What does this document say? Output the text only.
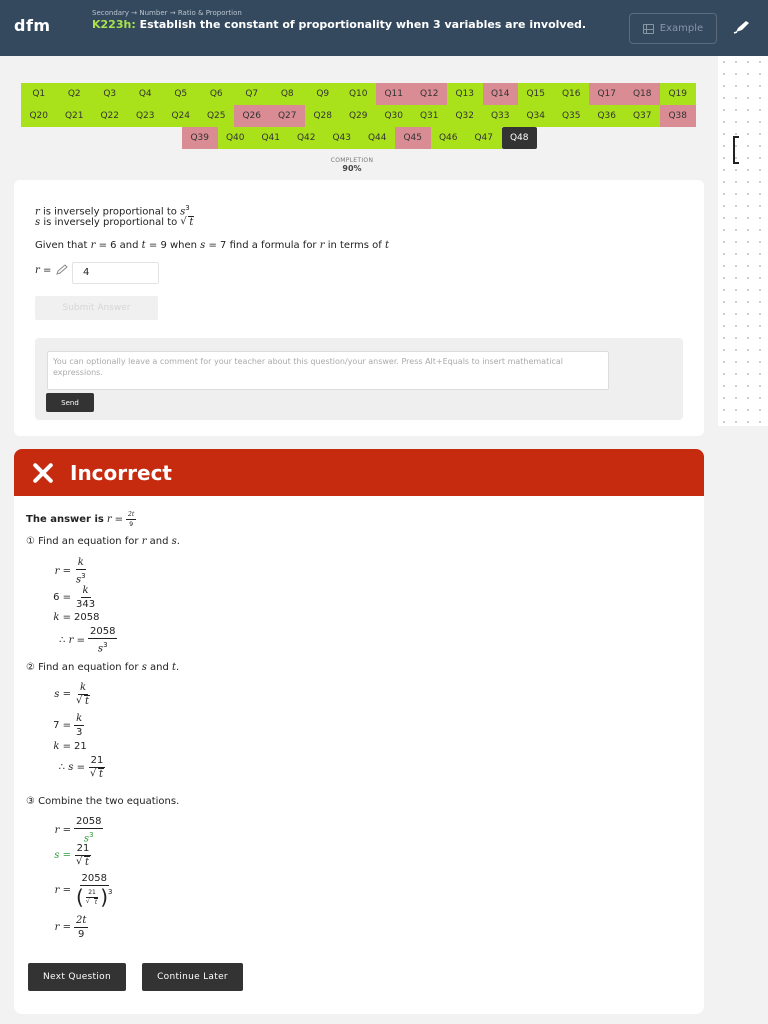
dfm
Secondary → Number → Ratio & Proportion
K223h: Establish the constant of proportionality when 3 variables are involved.	Example
Q1	Q2	Q3	Q4	Q5	Q6	Q7	Q8	Q9	Q10	Q11	Q12	Q13	Q14	Q15	Q16	Q17	Q18	Q19
Q20	Q21	Q22	Q23	Q24	Q25	Q26	Q27	Q28	Q29	Q30	Q31	Q32	Q33	Q34	Q35	Q36	Q37	Q38
Q39	Q40	Q41	Q42	Q43	Q44	Q45	Q46	Q47	Q48
COMPLETION
90%
r is inversely proportional to $s^3$
s is inversely proportional to √ t
Given that r = 6 and t = 9 when s = 7 find a formula for r in terms of t
r =	4
Submit Answer
You can optionally leave a comment for your teacher about this question/your answer. Press Alt+Equals to insert mathematical expressions.
Send
Incorrect
The answer is $r = \frac{2t}{9}$
① Find an equation for r and s.
$r = \frac{k}{s^3}$
$6 = \frac{k}{343}$
k = 2058
∴ $r = \frac{2058}{s^3}$
② Find an equation for s and t.
s = k
√ t
$7 = \frac{k}{3}$
k = 21
∴ s = 21
√ t
③ Combine the two equations.
$r = \frac{2058}{s^3}$
s = 21
√ t
r = 2058
( 21
√ t )$^3$
$r = \frac{2t}{9}$
Next Question	Continue Later
